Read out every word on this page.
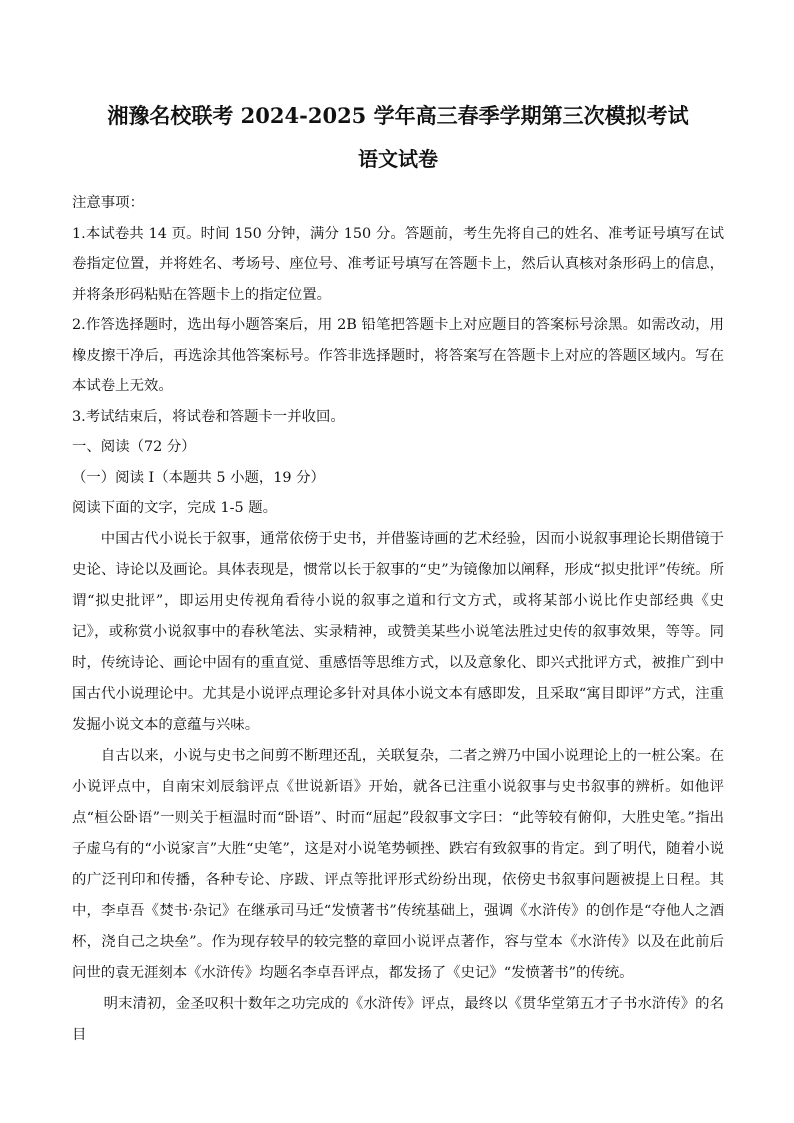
湘豫名校联考 2024-2025 学年高三春季学期第三次模拟考试
语文试卷

注意事项：

1.本试卷共 14 页。时间 150 分钟，满分 150 分。答题前，考生先将自己的姓名、准考证号填写在试卷指定位置，并将姓名、考场号、座位号、准考证号填写在答题卡上，然后认真核对条形码上的信息，并将条形码粘贴在答题卡上的指定位置。

2.作答选择题时，选出每小题答案后，用 2B 铅笔把答题卡上对应题目的答案标号涂黑。如需改动，用橡皮擦干净后，再选涂其他答案标号。作答非选择题时，将答案写在答题卡上对应的答题区域内。写在本试卷上无效。

3.考试结束后，将试卷和答题卡一并收回。

一、阅读（72 分）

（一）阅读 I（本题共 5 小题，19 分）

阅读下面的文字，完成 1-5 题。

中国古代小说长于叙事，通常依傍于史书，并借鉴诗画的艺术经验，因而小说叙事理论长期借镜于史论、诗论以及画论。具体表现是，惯常以长于叙事的“史”为镜像加以阐释，形成“拟史批评”传统。所谓“拟史批评”，即运用史传视角看待小说的叙事之道和行文方式，或将某部小说比作史部经典《史记》，或称赏小说叙事中的春秋笔法、实录精神，或赞美某些小说笔法胜过史传的叙事效果，等等。同时，传统诗论、画论中固有的重直觉、重感悟等思维方式，以及意象化、即兴式批评方式，被推广到中国古代小说理论中。尤其是小说评点理论多针对具体小说文本有感即发，且采取“寓目即评”方式，注重发掘小说文本的意蕴与兴味。

自古以来，小说与史书之间剪不断理还乱，关联复杂，二者之辨乃中国小说理论上的一桩公案。在小说评点中，自南宋刘辰翁评点《世说新语》开始，就各已注重小说叙事与史书叙事的辨析。如他评点“桓公卧语”一则关于桓温时而“卧语”、时而“屈起”段叙事文字曰：“此等较有俯仰，大胜史笔。”指出子虚乌有的“小说家言”大胜“史笔”，这是对小说笔势顿挫、跌宕有致叙事的肯定。到了明代，随着小说的广泛刊印和传播，各种专论、序跋、评点等批评形式纷纷出现，依傍史书叙事问题被提上日程。其中，李卓吾《焚书·杂记》在继承司马迁“发愤著书”传统基础上，强调《水浒传》的创作是“夺他人之酒杯，浇自己之块垒”。作为现存较早的较完整的章回小说评点著作，容与堂本《水浒传》以及在此前后问世的袁无涯刻本《水浒传》均题名李卓吾评点，都发扬了《史记》“发愤著书”的传统。

明末清初，金圣叹积十数年之功完成的《水浒传》评点，最终以《贯华堂第五才子书水浒传》的名目
